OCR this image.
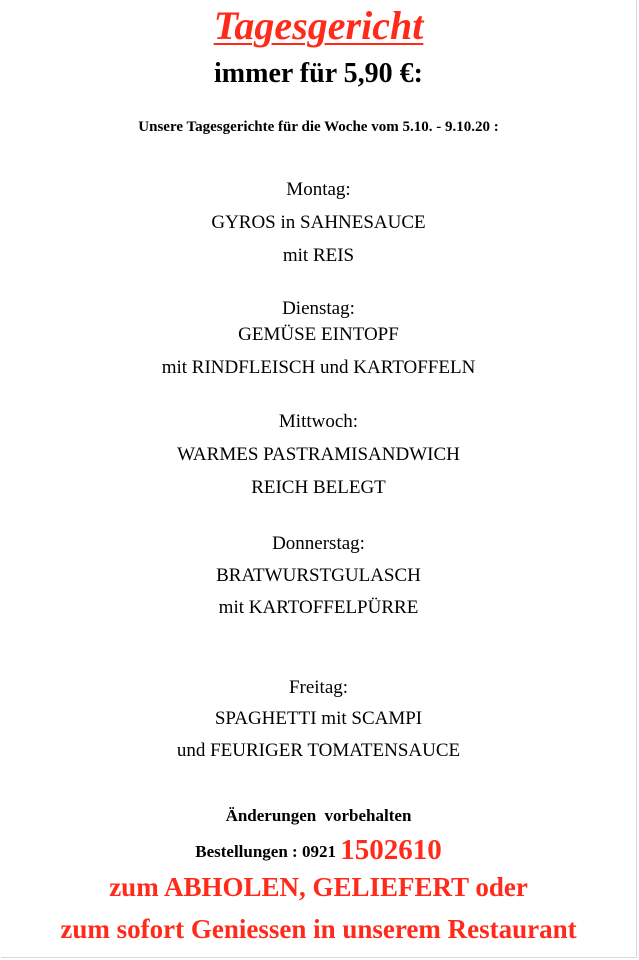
Tagesgericht
immer für 5,90 €:
Unsere Tagesgerichte für die Woche vom 5.10. - 9.10.20 :
Montag:
GYROS in SAHNESAUCE
mit REIS
Dienstag:
GEMÜSE EINTOPF
mit RINDFLEISCH und KARTOFFELN
Mittwoch:
WARMES PASTRAMISANDWICH
REICH BELEGT
Donnerstag:
BRATWURSTGULASCH
mit KARTOFFELPÜRRE
Freitag:
SPAGHETTI mit SCAMPI
und FEURIGER TOMATENSAUCE
Änderungen vorbehalten
Bestellungen : 0921 1502610
zum ABHOLEN, GELIEFERT oder
zum sofort Geniessen in unserem Restaurant
